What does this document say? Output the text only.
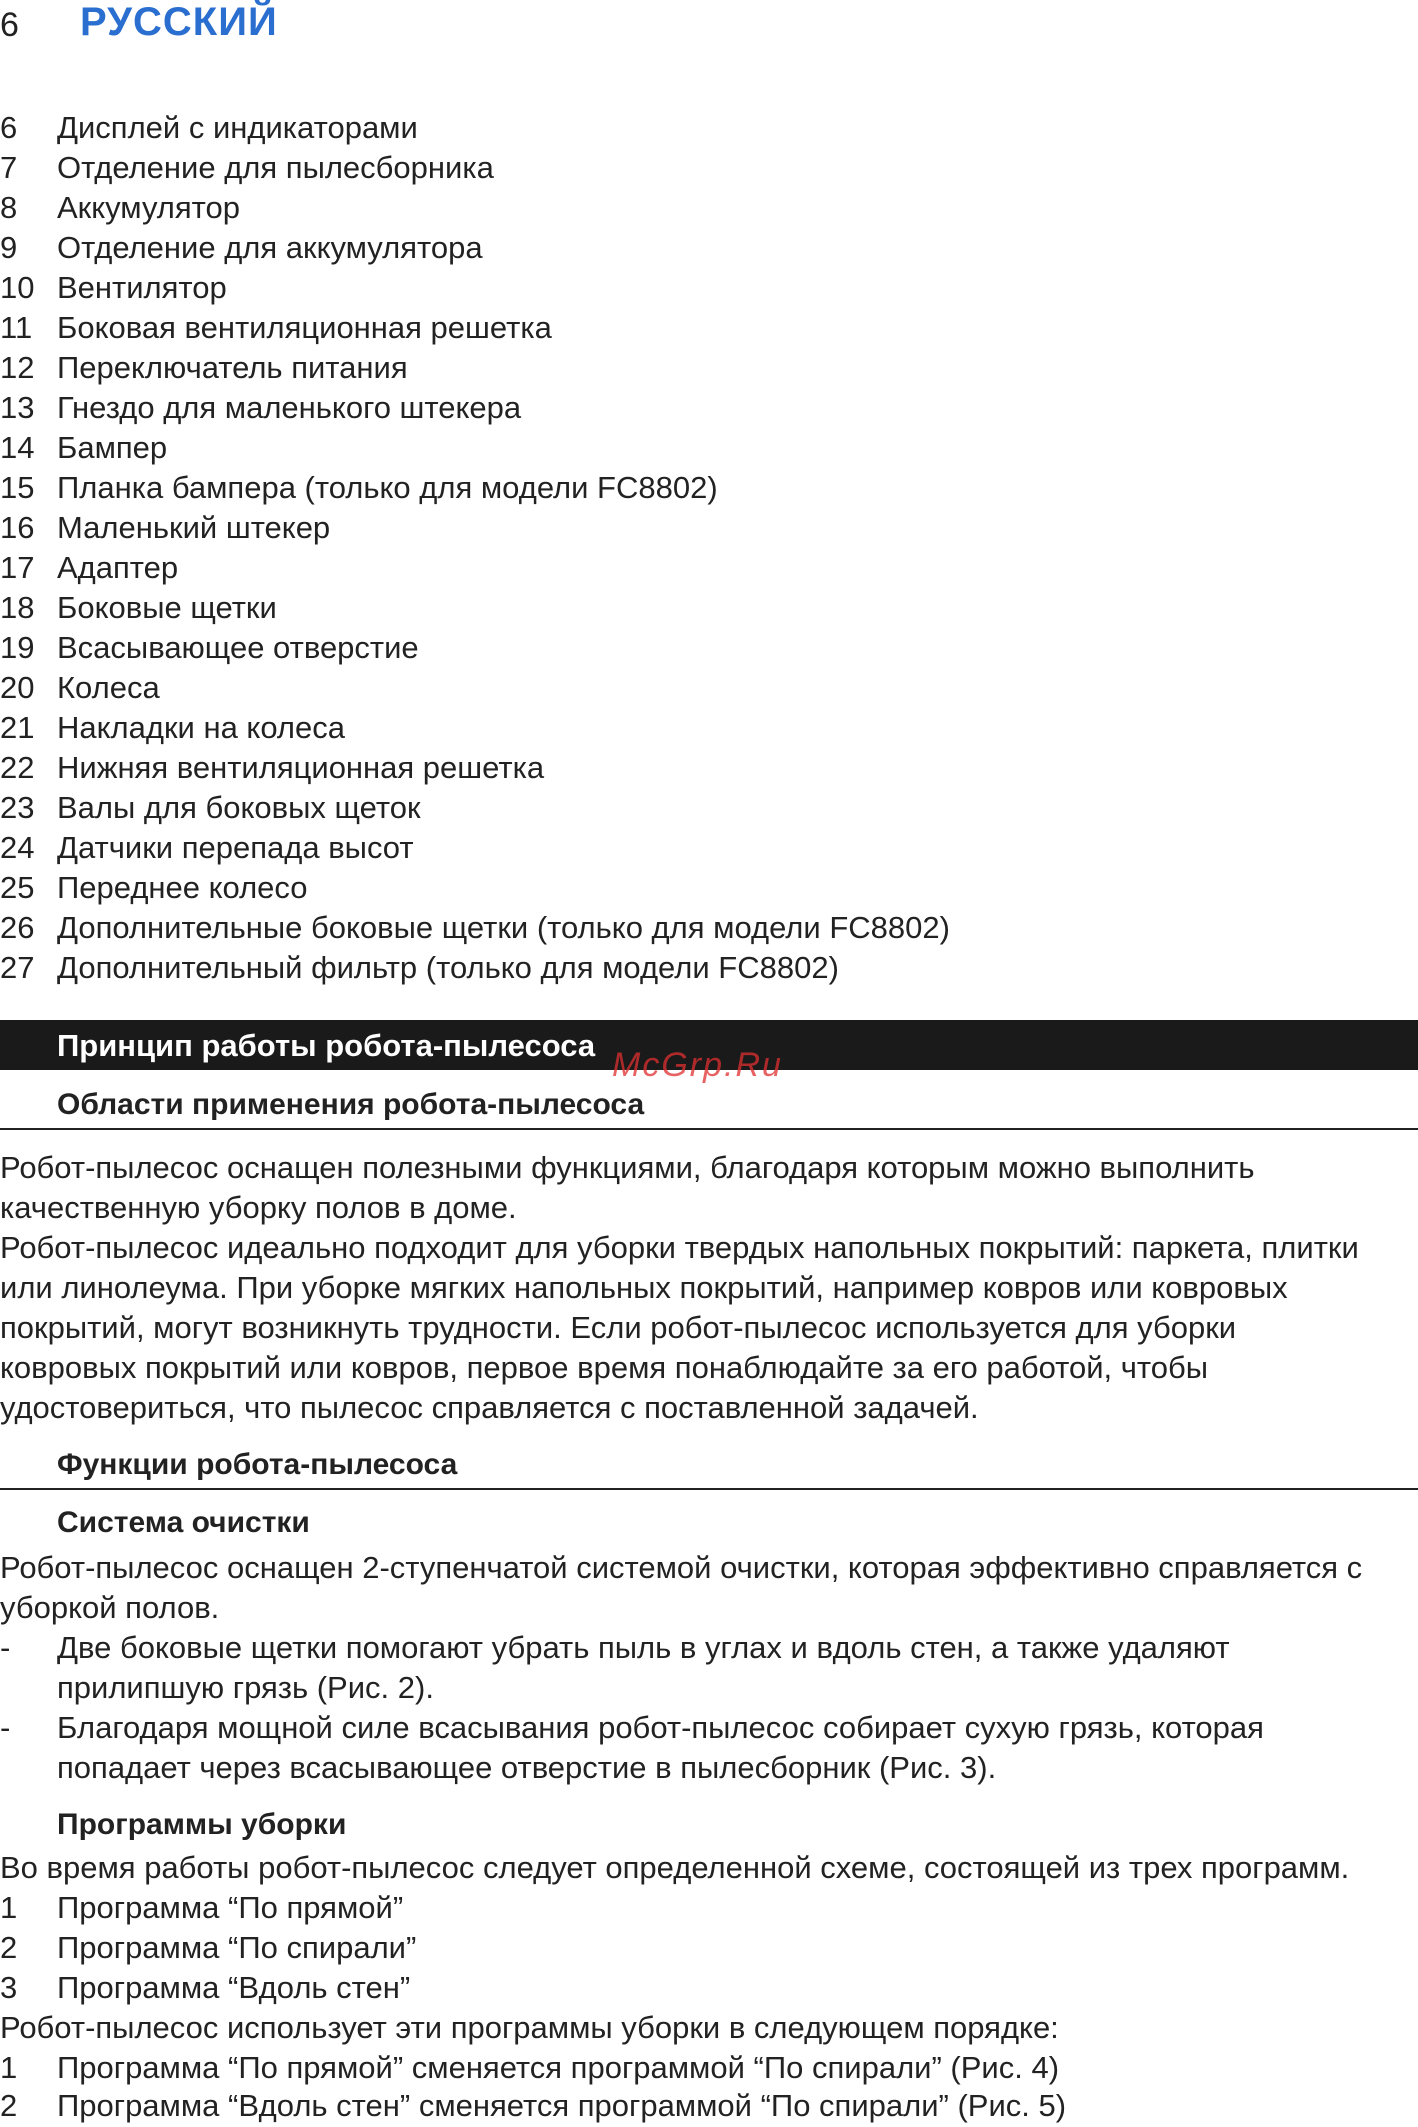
6 РУССКИЙ
6 Дисплей с индикаторами
7 Отделение для пылесборника
8 Аккумулятор
9 Отделение для аккумулятора
10 Вентилятор
11 Боковая вентиляционная решетка
12 Переключатель питания
13 Гнездо для маленького штекера
14 Бампер
15 Планка бампера (только для модели FC8802)
16 Маленький штекер
17 Адаптер
18 Боковые щетки
19 Всасывающее отверстие
20 Колеса
21 Накладки на колеса
22 Нижняя вентиляционная решетка
23 Валы для боковых щеток
24 Датчики перепада высот
25 Переднее колесо
26 Дополнительные боковые щетки (только для модели FC8802)
27 Дополнительный фильтр (только для модели FC8802)
Принцип работы робота-пылесоса
McGrp.Ru
Области применения робота-пылесоса
Робот-пылесос оснащен полезными функциями, благодаря которым можно выполнить
качественную уборку полов в доме.
Робот-пылесос идеально подходит для уборки твердых напольных покрытий: паркета, плитки
или линолеума. При уборке мягких напольных покрытий, например ковров или ковровых
покрытий, могут возникнуть трудности. Если робот-пылесос используется для уборки
ковровых покрытий или ковров, первое время понаблюдайте за его работой, чтобы
удостовериться, что пылесос справляется с поставленной задачей.
Функции робота-пылесоса
Система очистки
Робот-пылесос оснащен 2-ступенчатой системой очистки, которая эффективно справляется с
уборкой полов.
- Две боковые щетки помогают убрать пыль в углах и вдоль стен, а также удаляют
прилипшую грязь (Рис. 2).
- Благодаря мощной силе всасывания робот-пылесос собирает сухую грязь, которая
попадает через всасывающее отверстие в пылесборник (Рис. 3).
Программы уборки
Во время работы робот-пылесос следует определенной схеме, состоящей из трех программ.
1 Программа “По прямой”
2 Программа “По спирали”
3 Программа “Вдоль стен”
Робот-пылесос использует эти программы уборки в следующем порядке:
1 Программа “По прямой” сменяется программой “По спирали” (Рис. 4)
2 Программа “Вдоль стен” сменяется программой “По спирали” (Рис. 5)
